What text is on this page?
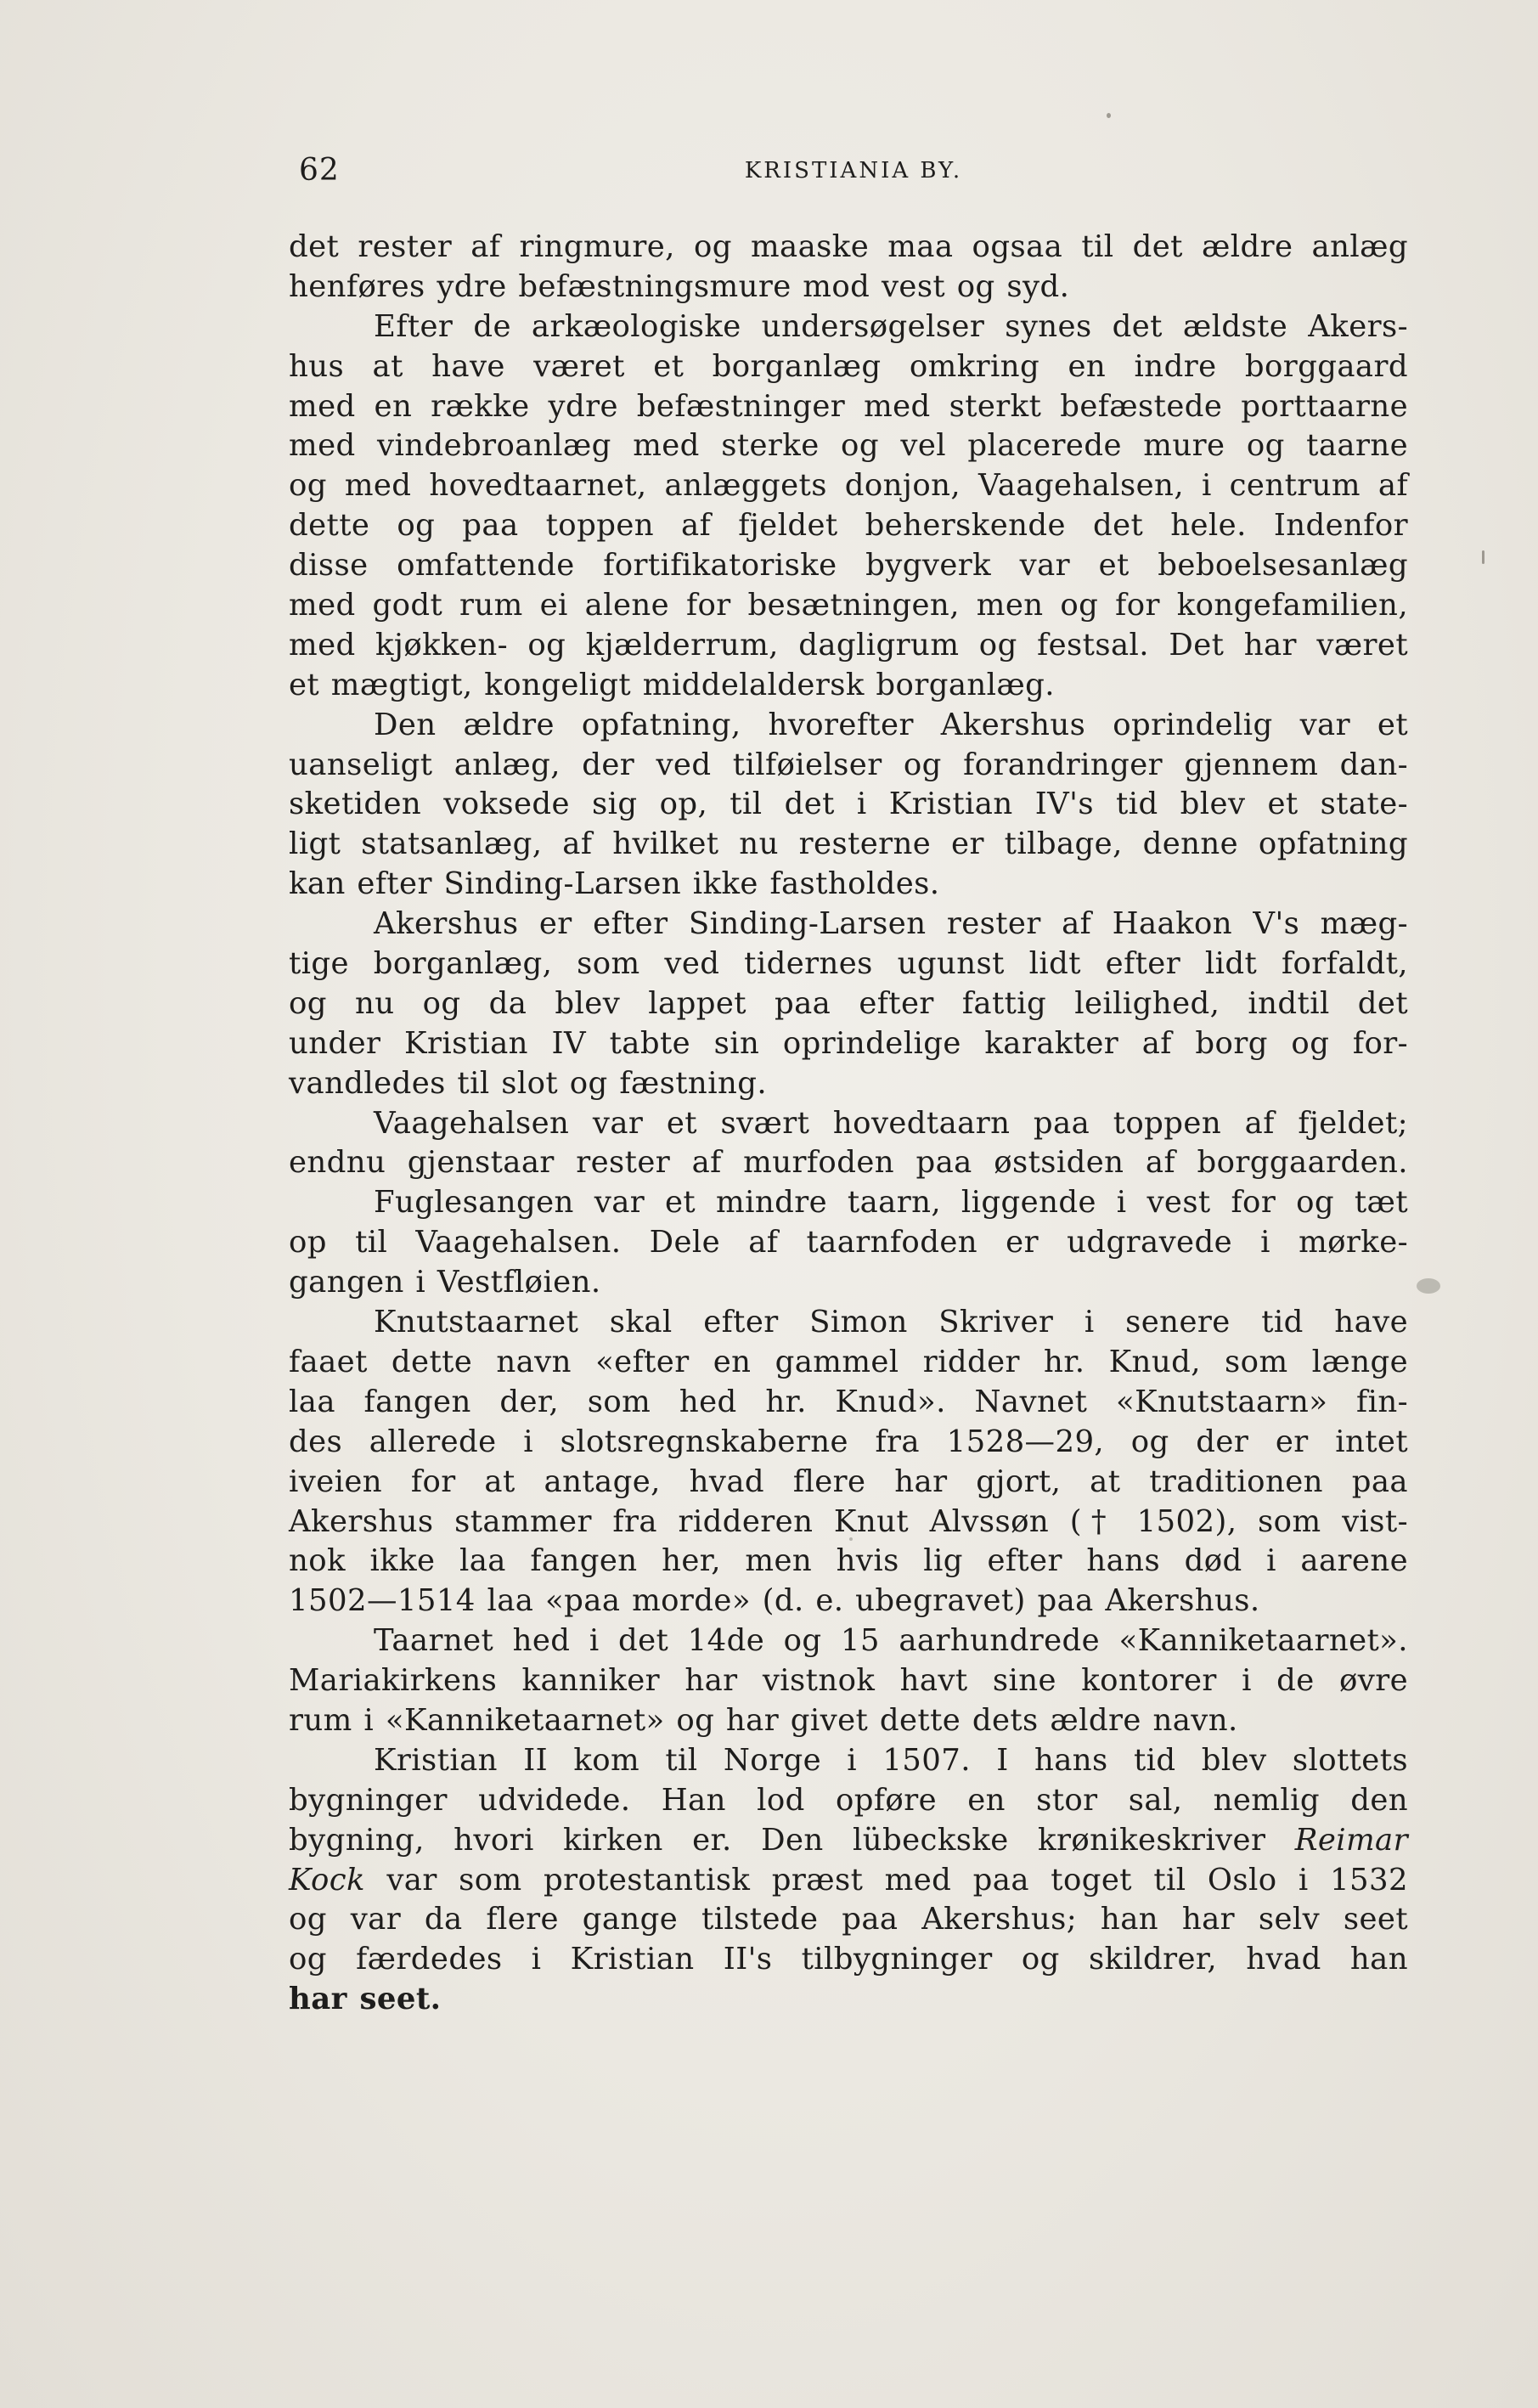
62	KRISTIANIA BY.
det rester af ringmure, og maaske maa ogsaa til det ældre anlæg
henføres ydre befæstningsmure mod vest og syd.
Efter de arkæologiske undersøgelser synes det ældste Akers-
hus at have været et borganlæg omkring en indre borggaard
med en række ydre befæstninger med sterkt befæstede porttaarne
med vindebroanlæg med sterke og vel placerede mure og taarne
og med hovedtaarnet, anlæggets donjon, Vaagehalsen, i centrum af
dette og paa toppen af fjeldet beherskende det hele. Indenfor
disse omfattende fortifikatoriske bygverk var et beboelsesanlæg
med godt rum ei alene for besætningen, men og for kongefamilien,
med kjøkken- og kjælderrum, dagligrum og festsal. Det har været
et mægtigt, kongeligt middelaldersk borganlæg.
Den ældre opfatning, hvorefter Akershus oprindelig var et
uanseligt anlæg, der ved tilføielser og forandringer gjennem dan-
sketiden voksede sig op, til det i Kristian IV's tid blev et state-
ligt statsanlæg, af hvilket nu resterne er tilbage, denne opfatning
kan efter Sinding-Larsen ikke fastholdes.
Akershus er efter Sinding-Larsen rester af Haakon V's mæg-
tige borganlæg, som ved tidernes ugunst lidt efter lidt forfaldt,
og nu og da blev lappet paa efter fattig leilighed, indtil det
under Kristian IV tabte sin oprindelige karakter af borg og for-
vandledes til slot og fæstning.
Vaagehalsen var et svært hovedtaarn paa toppen af fjeldet;
endnu gjenstaar rester af murfoden paa østsiden af borggaarden.
Fuglesangen var et mindre taarn, liggende i vest for og tæt
op til Vaagehalsen. Dele af taarnfoden er udgravede i mørke-
gangen i Vestfløien.
Knutstaarnet skal efter Simon Skriver i senere tid have
faaet dette navn «efter en gammel ridder hr. Knud, som længe
laa fangen der, som hed hr. Knud». Navnet «Knutstaarn» fin-
des allerede i slotsregnskaberne fra 1528—29, og der er intet
iveien for at antage, hvad flere har gjort, at traditionen paa
Akershus stammer fra ridderen Knut Alvssøn († 1502), som vist-
nok ikke laa fangen her, men hvis lig efter hans død i aarene
1502—1514 laa «paa morde» (d. e. ubegravet) paa Akershus.
Taarnet hed i det 14de og 15 aarhundrede «Kanniketaarnet».
Mariakirkens kanniker har vistnok havt sine kontorer i de øvre
rum i «Kanniketaarnet» og har givet dette dets ældre navn.
Kristian II kom til Norge i 1507. I hans tid blev slottets
bygninger udvidede. Han lod opføre en stor sal, nemlig den
bygning, hvori kirken er. Den lübeckske krønikeskriver Reimar
Kock var som protestantisk præst med paa toget til Oslo i 1532
og var da flere gange tilstede paa Akershus; han har selv seet
og færdedes i Kristian II's tilbygninger og skildrer, hvad han
har seet.
